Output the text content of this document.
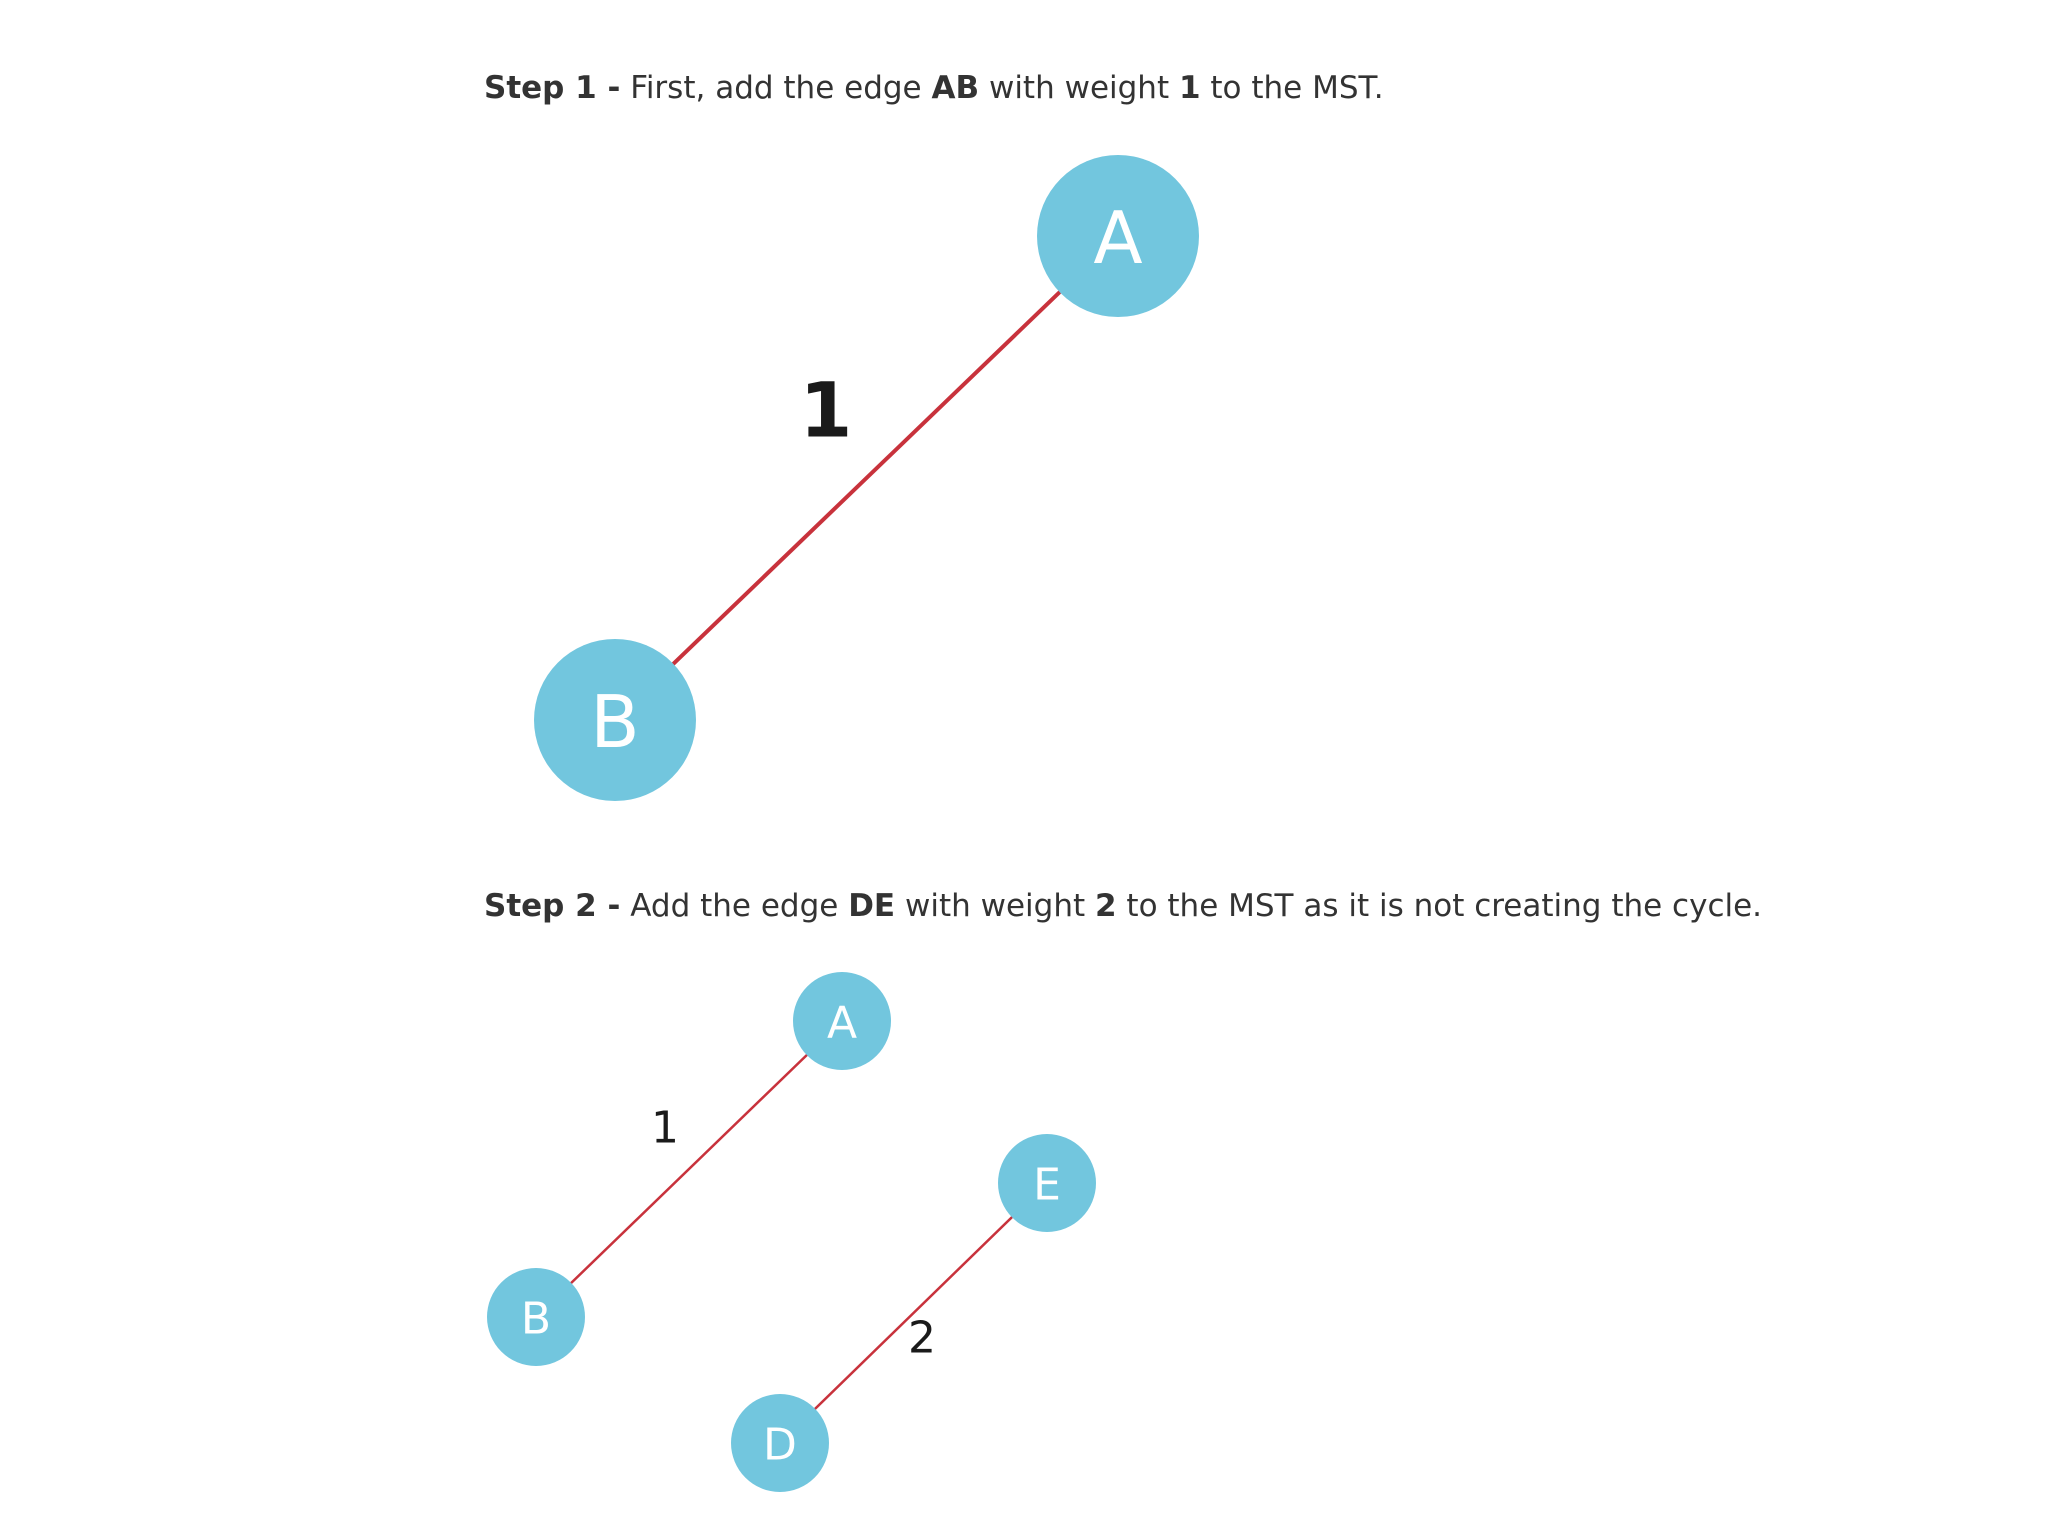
Step 1 - First, add the edge AB with weight 1 to the MST.
1
A
B
Step 2 - Add the edge DE with weight 2 to the MST as it is not creating the cycle.
1
2
A
B
E
D
